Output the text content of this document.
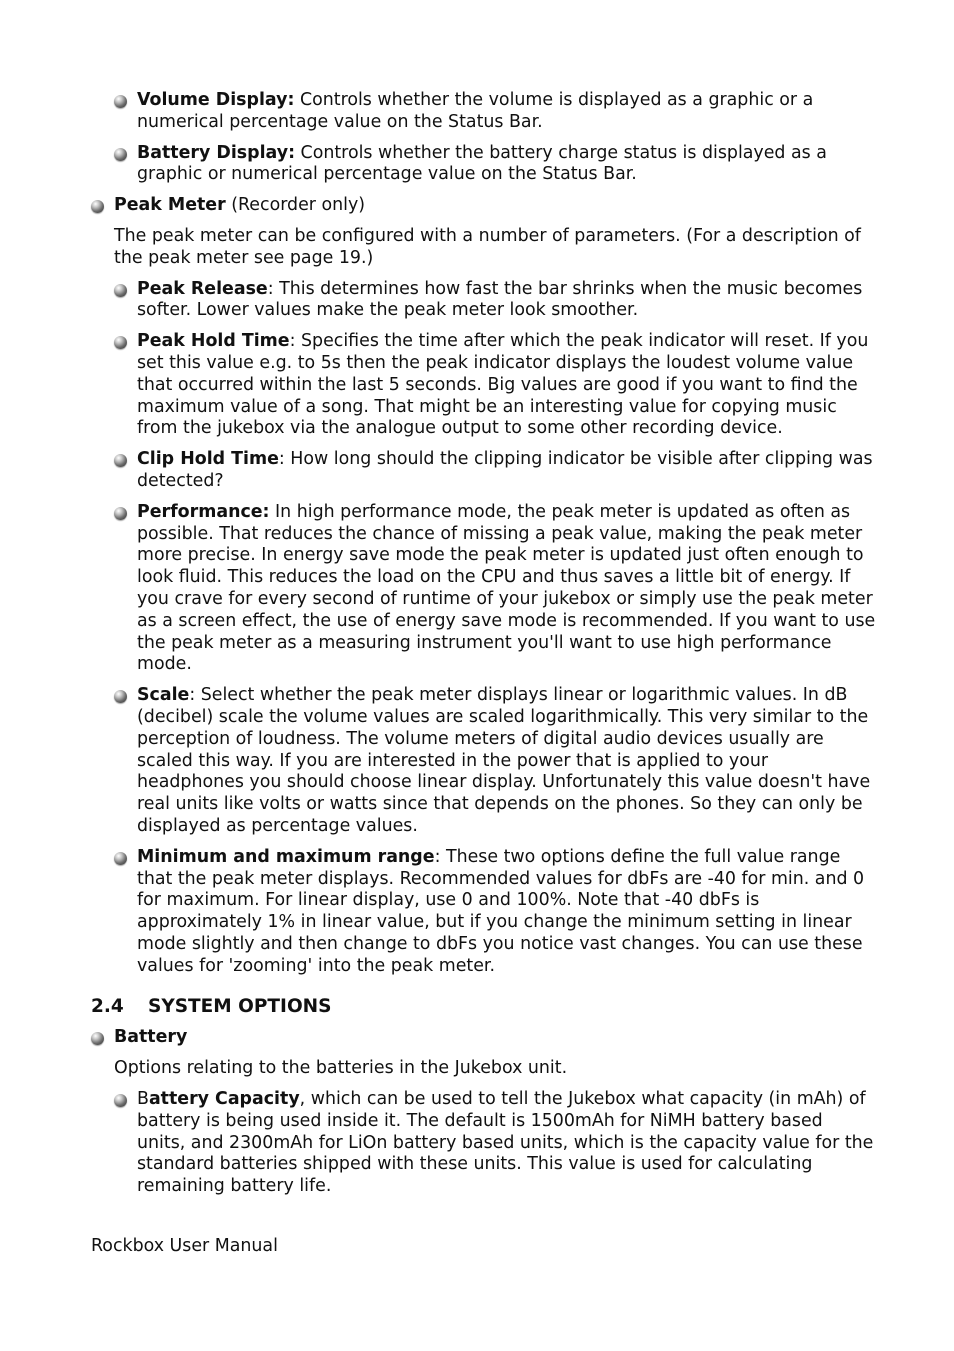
Volume Display: Controls whether the volume is displayed as a graphic or a numerical percentage value on the Status Bar.
Battery Display: Controls whether the battery charge status is displayed as a graphic or numerical percentage value on the Status Bar.
Peak Meter (Recorder only)

The peak meter can be configured with a number of parameters. (For a description of the peak meter see page 19.)

Peak Release: This determines how fast the bar shrinks when the music becomes softer. Lower values make the peak meter look smoother.
Peak Hold Time: Specifies the time after which the peak indicator will reset. If you set this value e.g. to 5s then the peak indicator displays the loudest volume value that occurred within the last 5 seconds. Big values are good if you want to find the maximum value of a song. That might be an interesting value for copying music from the jukebox via the analogue output to some other recording device.
Clip Hold Time: How long should the clipping indicator be visible after clipping was detected?
Performance: In high performance mode, the peak meter is updated as often as possible. That reduces the chance of missing a peak value, making the peak meter more precise. In energy save mode the peak meter is updated just often enough to look fluid. This reduces the load on the CPU and thus saves a little bit of energy. If you crave for every second of runtime of your jukebox or simply use the peak meter as a screen effect, the use of energy save mode is recommended. If you want to use the peak meter as a measuring instrument you'll want to use high performance mode.
Scale: Select whether the peak meter displays linear or logarithmic values. In dB (decibel) scale the volume values are scaled logarithmically. This very similar to the perception of loudness. The volume meters of digital audio devices usually are scaled this way. If you are interested in the power that is applied to your headphones you should choose linear display. Unfortunately this value doesn't have real units like volts or watts since that depends on the phones. So they can only be displayed as percentage values.
Minimum and maximum range: These two options define the full value range that the peak meter displays. Recommended values for dbFs are -40 for min. and 0 for maximum. For linear display, use 0 and 100%. Note that -40 dbFs is approximately 1% in linear value, but if you change the minimum setting in linear mode slightly and then change to dbFs you notice vast changes. You can use these values for 'zooming' into the peak meter.
2.4 SYSTEM OPTIONS
Battery

Options relating to the batteries in the Jukebox unit.

Battery Capacity, which can be used to tell the Jukebox what capacity (in mAh) of battery is being used inside it. The default is 1500mAh for NiMH battery based units, and 2300mAh for LiOn battery based units, which is the capacity value for the standard batteries shipped with these units. This value is used for calculating remaining battery life.
Rockbox User Manual
